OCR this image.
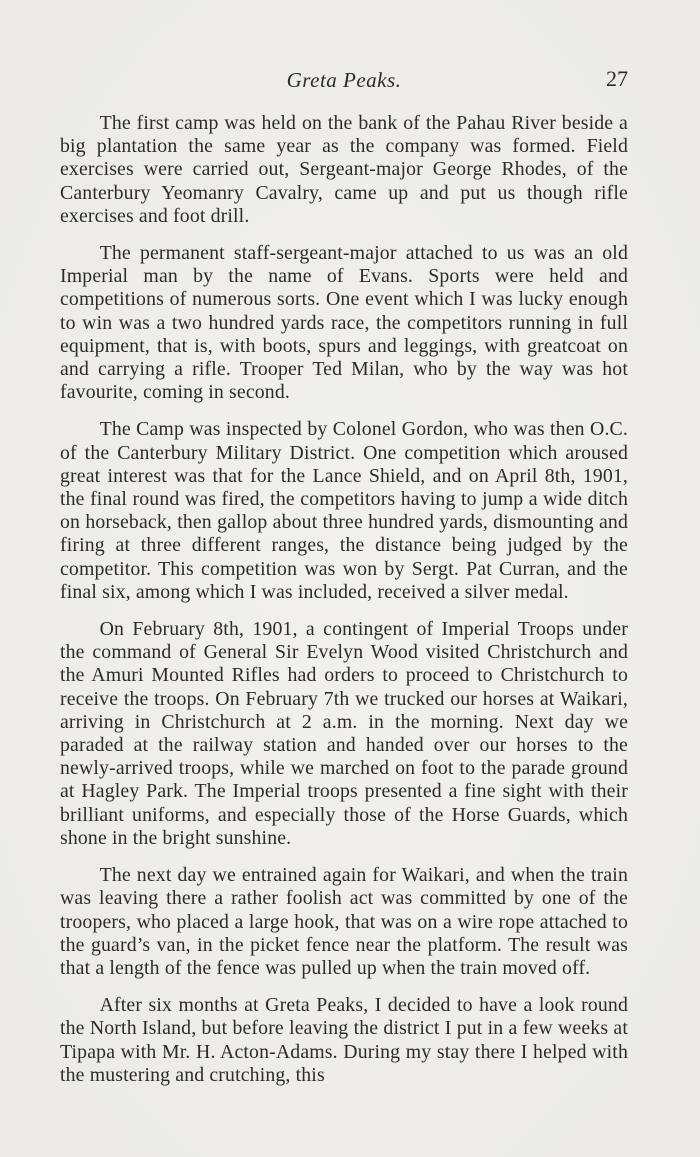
Greta Peaks.	27

The first camp was held on the bank of the Pahau River beside a big plantation the same year as the company was formed. Field exercises were carried out, Sergeant-major George Rhodes, of the Canterbury Yeomanry Cavalry, came up and put us though rifle exercises and foot drill.

The permanent staff-sergeant-major attached to us was an old Imperial man by the name of Evans. Sports were held and competitions of numerous sorts. One event which I was lucky enough to win was a two hundred yards race, the competitors running in full equipment, that is, with boots, spurs and leggings, with greatcoat on and carrying a rifle. Trooper Ted Milan, who by the way was hot favourite, coming in second.

The Camp was inspected by Colonel Gordon, who was then O.C. of the Canterbury Military District. One competition which aroused great interest was that for the Lance Shield, and on April 8th, 1901, the final round was fired, the competitors having to jump a wide ditch on horseback, then gallop about three hundred yards, dismounting and firing at three different ranges, the distance being judged by the competitor. This competition was won by Sergt. Pat Curran, and the final six, among which I was included, received a silver medal.

On February 8th, 1901, a contingent of Imperial Troops under the command of General Sir Evelyn Wood visited Christchurch and the Amuri Mounted Rifles had orders to proceed to Christchurch to receive the troops. On February 7th we trucked our horses at Waikari, arriving in Christchurch at 2 a.m. in the morning. Next day we paraded at the railway station and handed over our horses to the newly-arrived troops, while we marched on foot to the parade ground at Hagley Park. The Imperial troops presented a fine sight with their brilliant uniforms, and especially those of the Horse Guards, which shone in the bright sunshine.

The next day we entrained again for Waikari, and when the train was leaving there a rather foolish act was committed by one of the troopers, who placed a large hook, that was on a wire rope attached to the guard’s van, in the picket fence near the platform. The result was that a length of the fence was pulled up when the train moved off.

After six months at Greta Peaks, I decided to have a look round the North Island, but before leaving the district I put in a few weeks at Tipapa with Mr. H. Acton-Adams. During my stay there I helped with the mustering and crutching, this
